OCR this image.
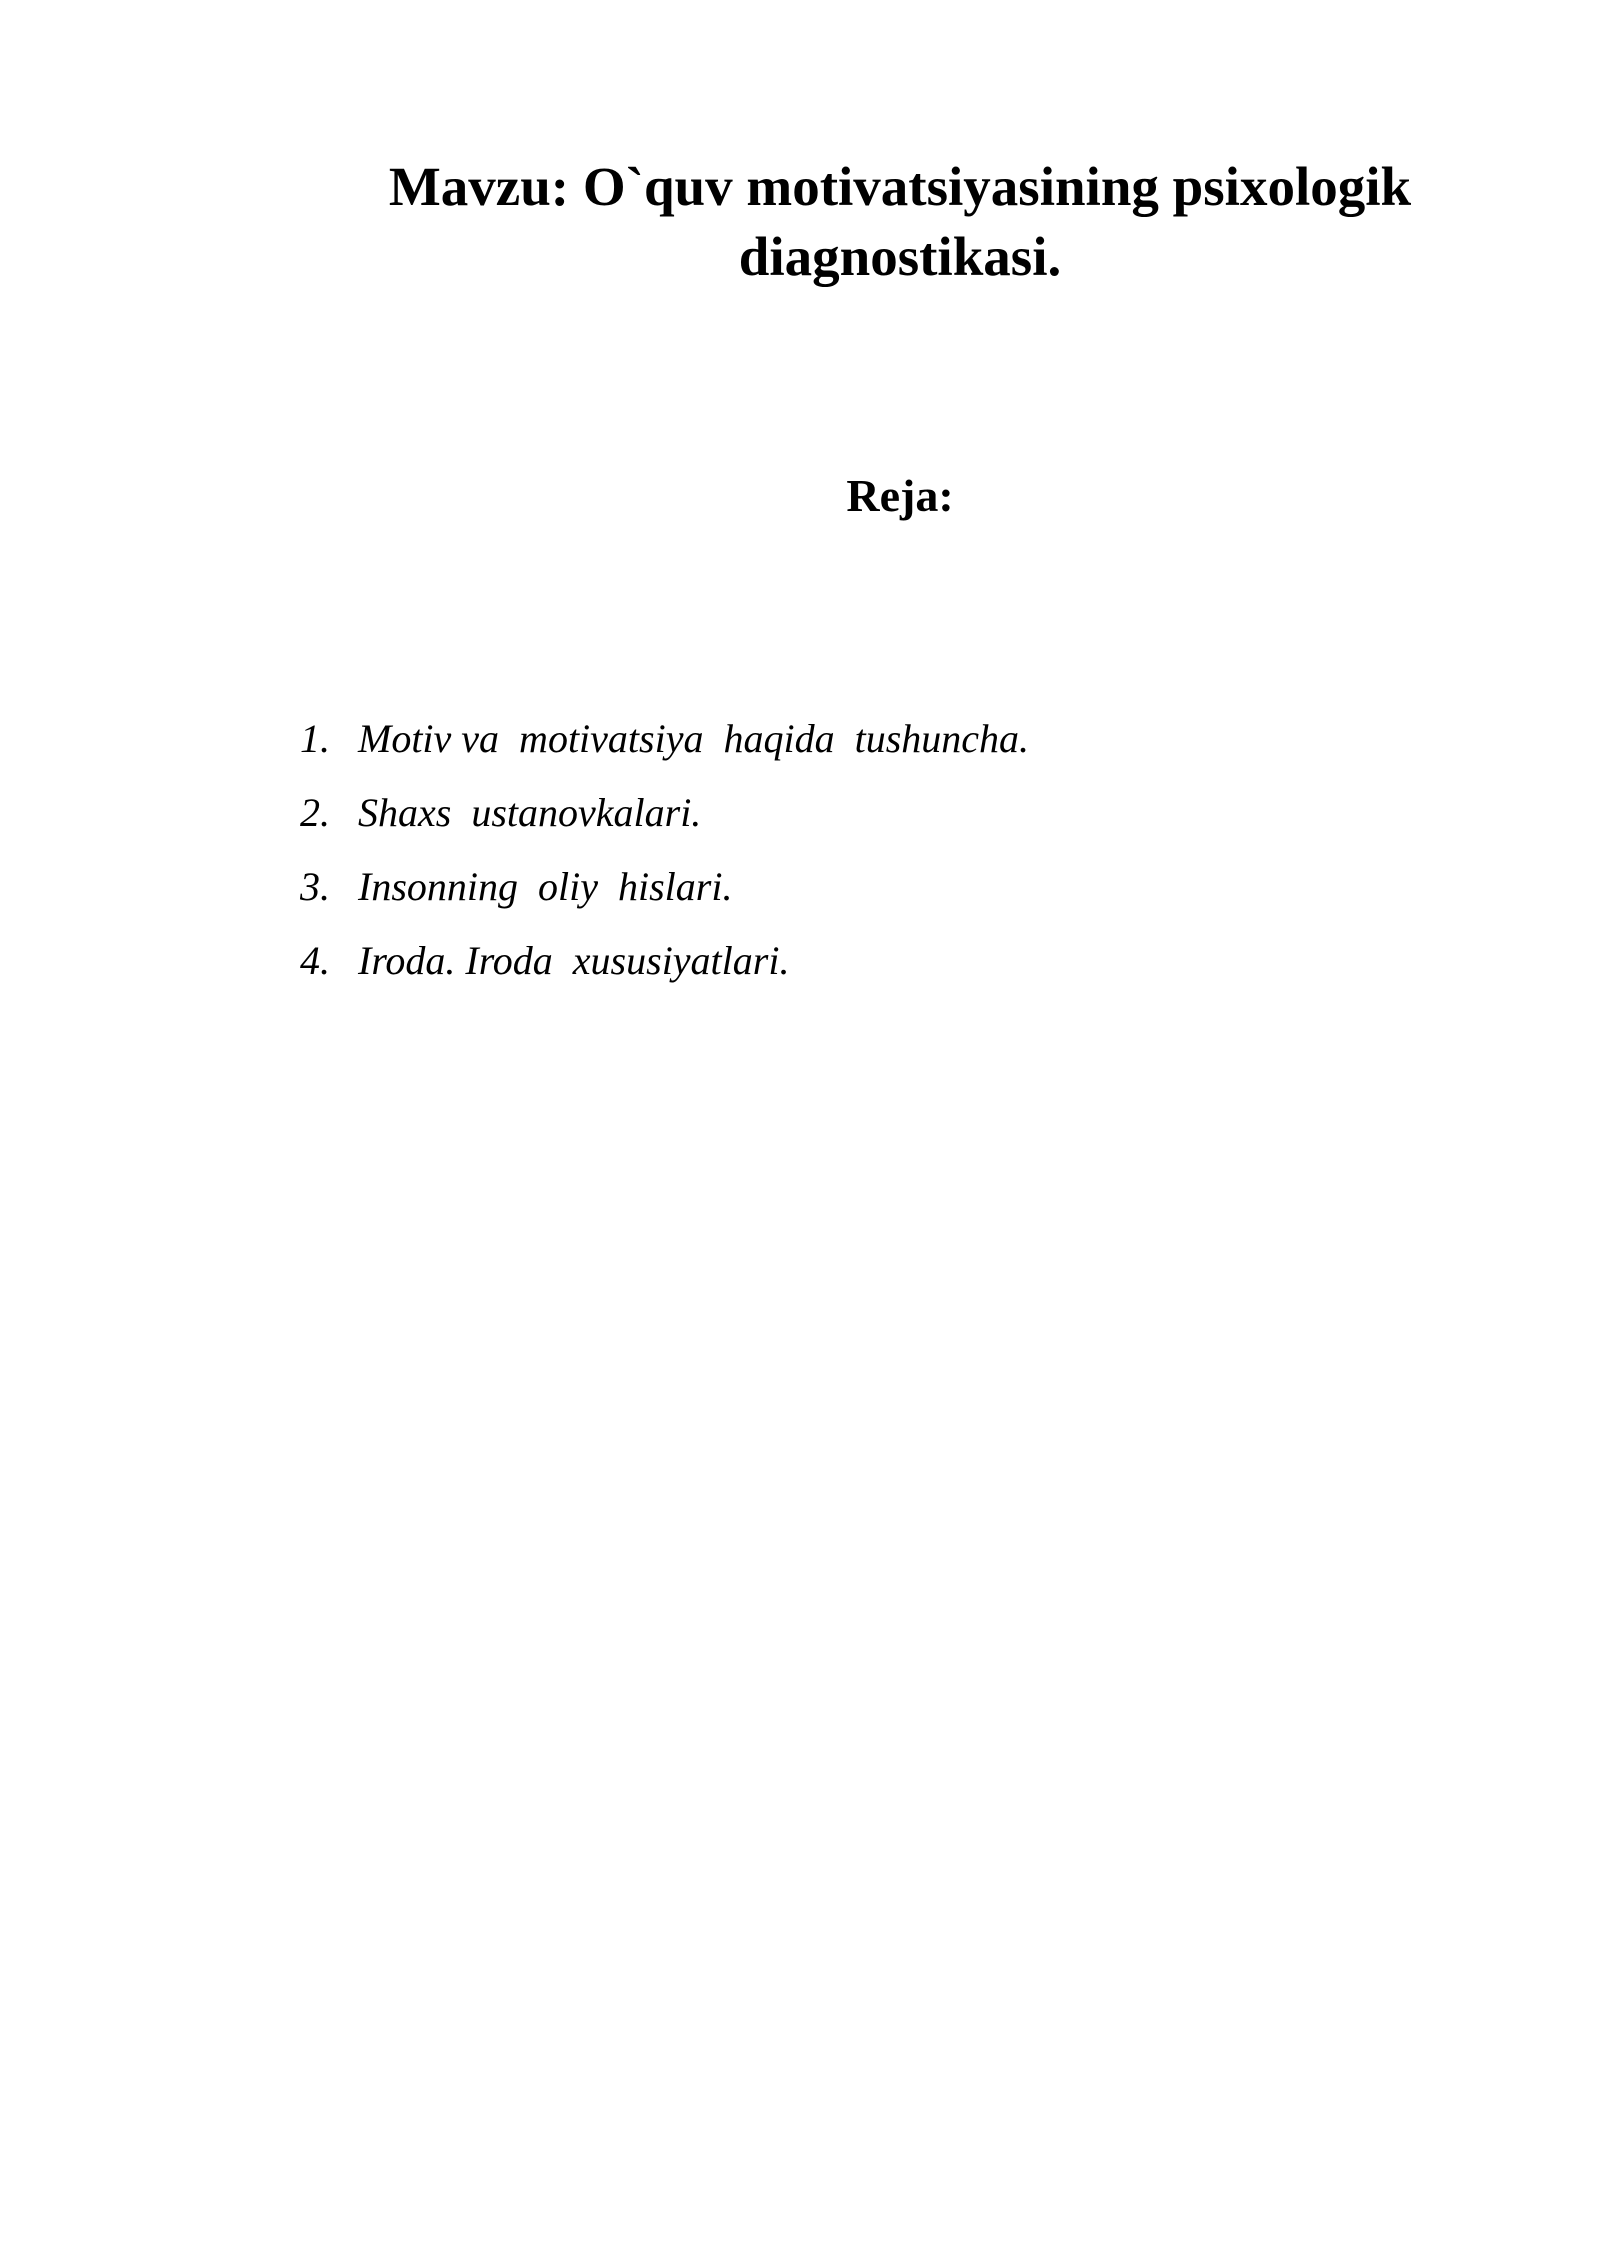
Mavzu: O`quv motivatsiyasining psixologik
diagnostikasi.
Reja:
1. Motiv va  motivatsiya  haqida  tushuncha.
2. Shaxs  ustanovkalari.
3. Insonning  oliy  hislari.
4. Iroda. Iroda  xususiyatlari.
